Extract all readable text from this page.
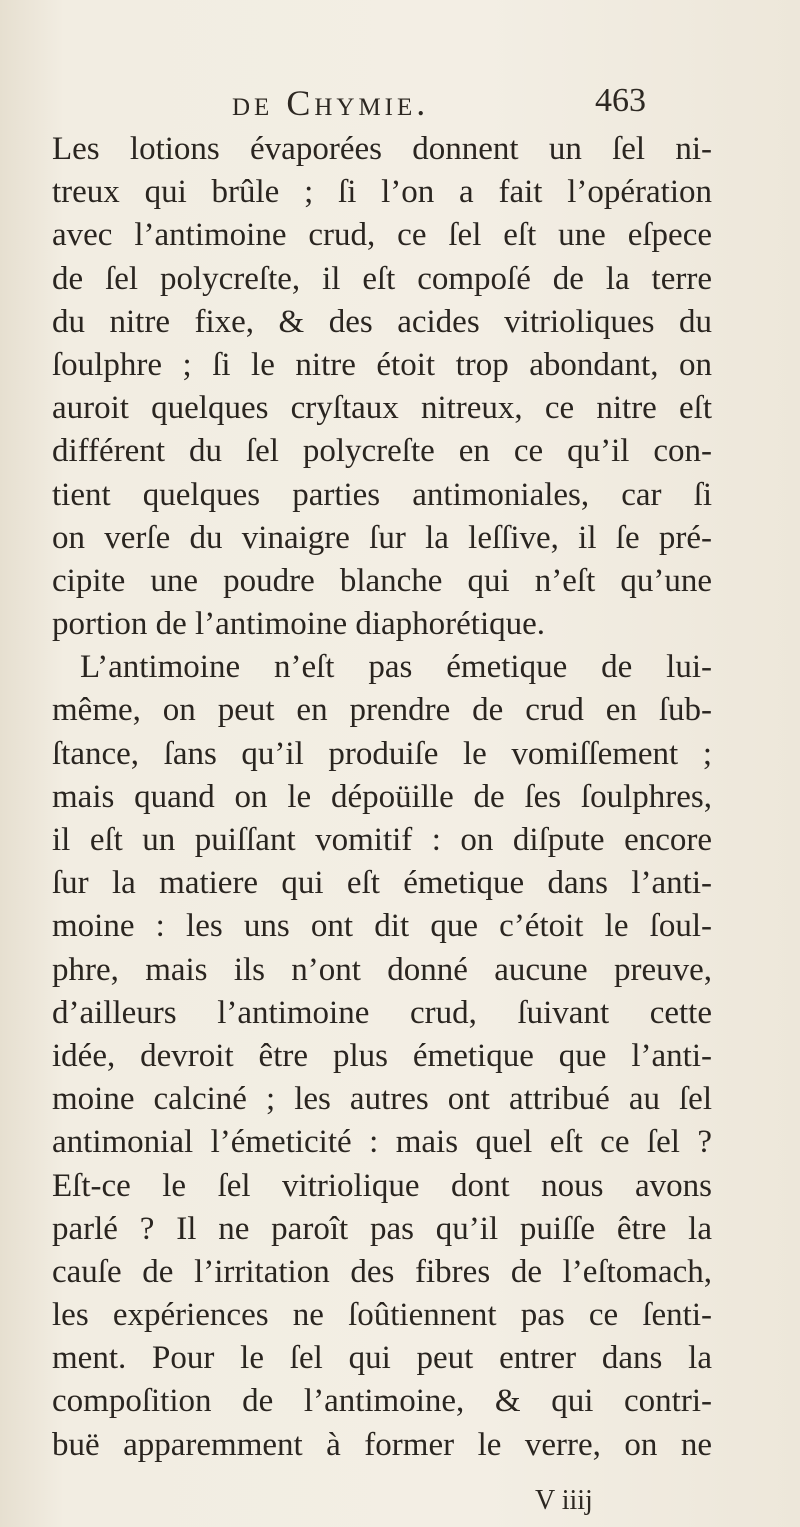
de Chymie.	463
Les lotions évaporées donnent un ſel ni-
treux qui brûle ; ſi l’on a fait l’opération
avec l’antimoine crud, ce ſel eſt une eſpece
de ſel polycreſte, il eſt compoſé de la terre
du nitre fixe, & des acides vitrioliques du
ſoulphre ; ſi le nitre étoit trop abondant, on
auroit quelques cryſtaux nitreux, ce nitre eſt
différent du ſel polycreſte en ce qu’il con-
tient quelques parties antimoniales, car ſi
on verſe du vinaigre ſur la leſſive, il ſe pré-
cipite une poudre blanche qui n’eſt qu’une
portion de l’antimoine diaphorétique.
L’antimoine n’eſt pas émetique de lui-
même, on peut en prendre de crud en ſub-
ſtance, ſans qu’il produiſe le vomiſſement ;
mais quand on le dépoüille de ſes ſoulphres,
il eſt un puiſſant vomitif : on diſpute encore
ſur la matiere qui eſt émetique dans l’anti-
moine : les uns ont dit que c’étoit le ſoul-
phre, mais ils n’ont donné aucune preuve,
d’ailleurs l’antimoine crud, ſuivant cette
idée, devroit être plus émetique que l’anti-
moine calciné ; les autres ont attribué au ſel
antimonial l’émeticité : mais quel eſt ce ſel ?
Eſt-ce le ſel vitriolique dont nous avons
parlé ? Il ne paroît pas qu’il puiſſe être la
cauſe de l’irritation des fibres de l’eſtomach,
les expériences ne ſoûtiennent pas ce ſenti-
ment. Pour le ſel qui peut entrer dans la
compoſition de l’antimoine, & qui contri-
buë apparemment à former le verre, on ne
V iiij
